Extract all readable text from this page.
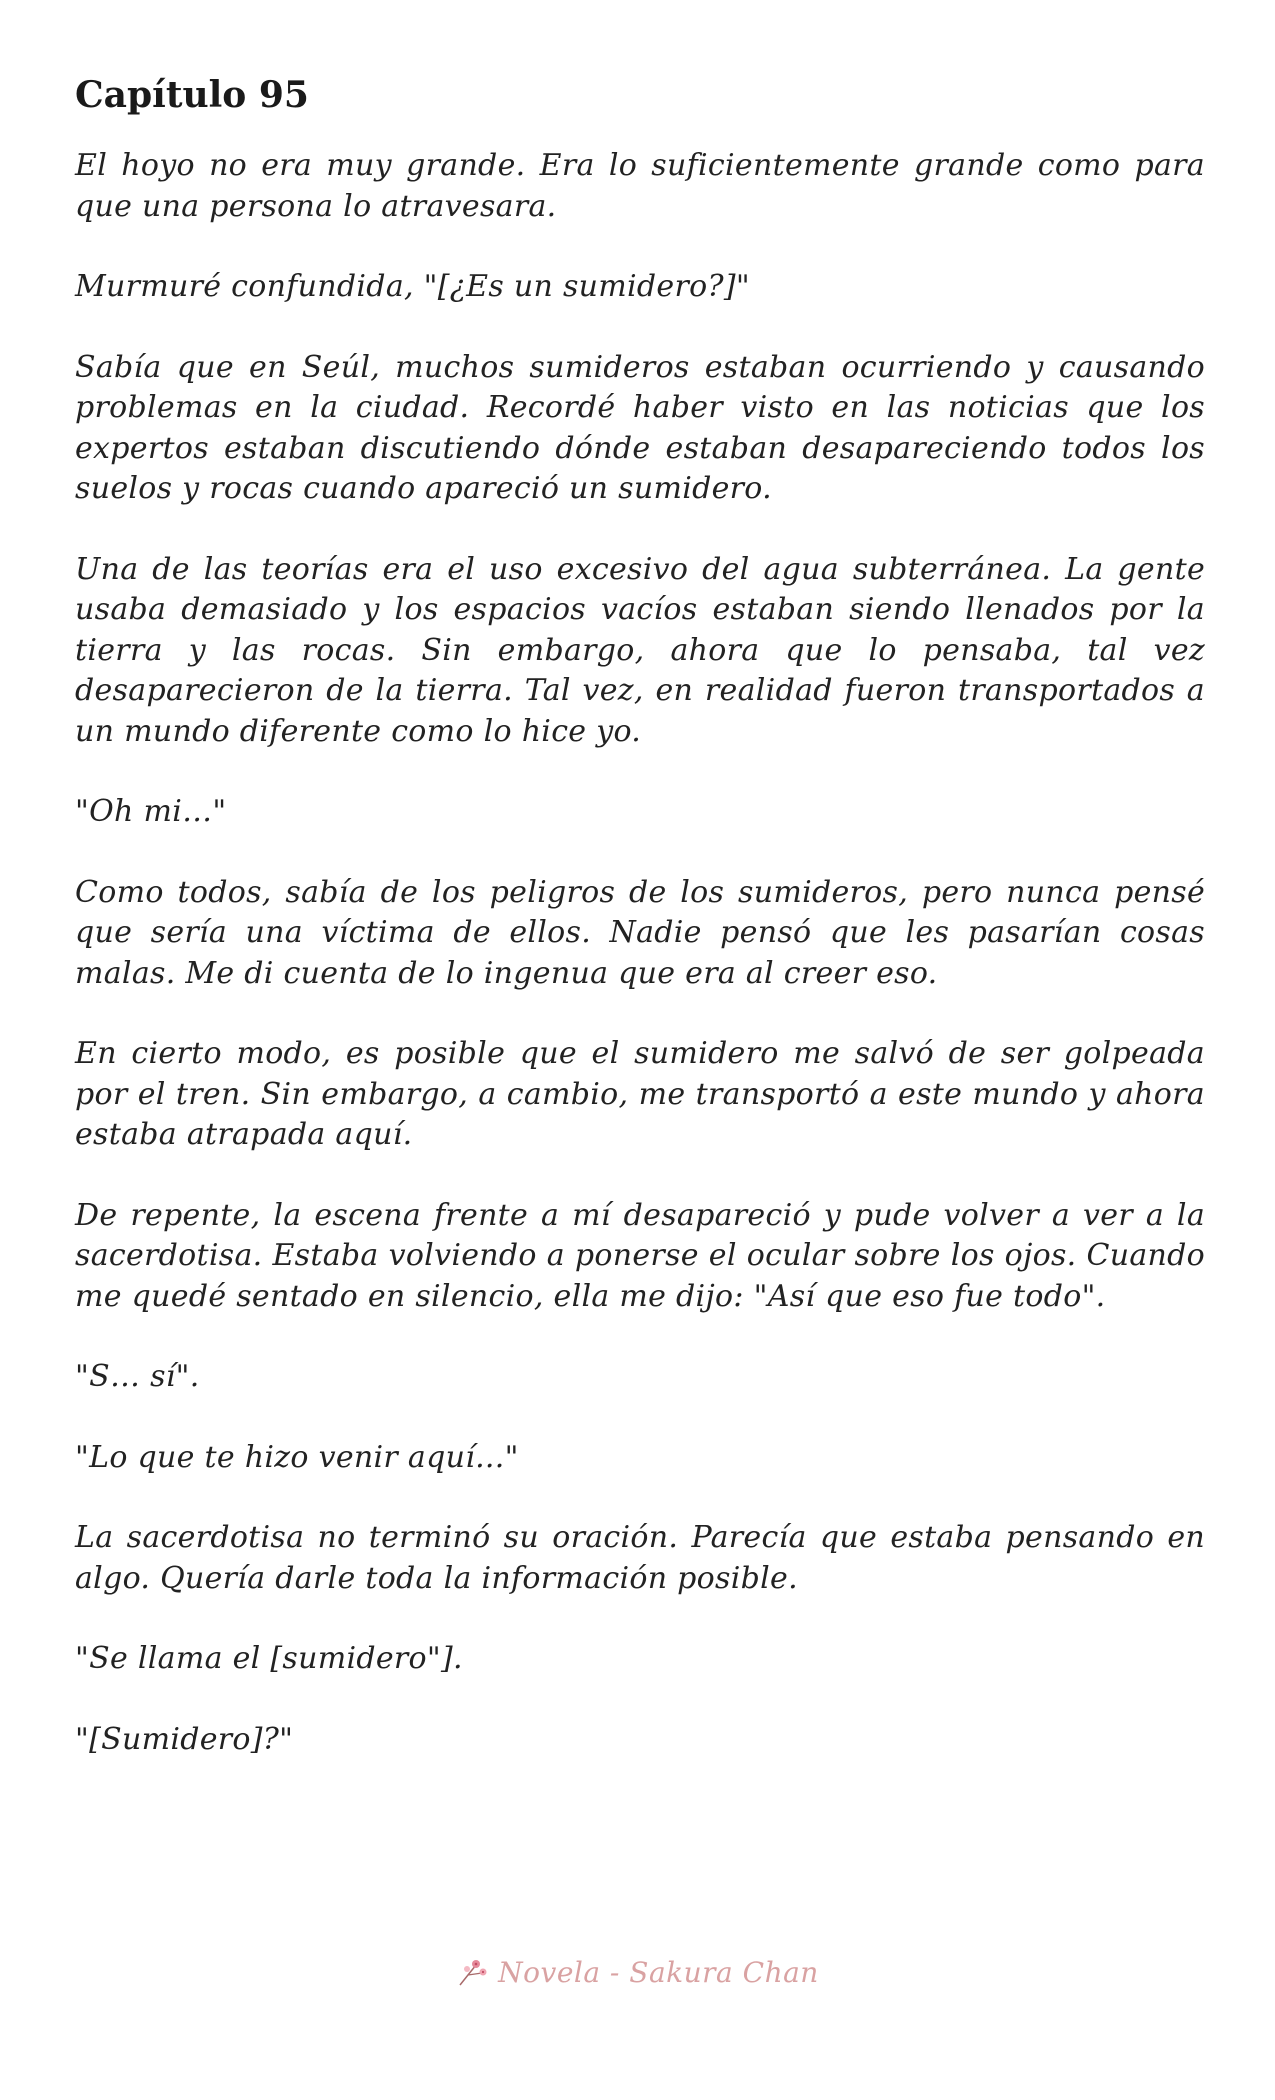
Capítulo 95

El hoyo no era muy grande. Era lo suficientemente grande como para que una persona lo atravesara.

Murmuré confundida, "[¿Es un sumidero?]"

Sabía que en Seúl, muchos sumideros estaban ocurriendo y causando problemas en la ciudad. Recordé haber visto en las noticias que los expertos estaban discutiendo dónde estaban desapareciendo todos los suelos y rocas cuando apareció un sumidero.

Una de las teorías era el uso excesivo del agua subterránea. La gente usaba demasiado y los espacios vacíos estaban siendo llenados por la tierra y las rocas. Sin embargo, ahora que lo pensaba, tal vez desaparecieron de la tierra. Tal vez, en realidad fueron transportados a un mundo diferente como lo hice yo.

"Oh mi…"

Como todos, sabía de los peligros de los sumideros, pero nunca pensé que sería una víctima de ellos. Nadie pensó que les pasarían cosas malas. Me di cuenta de lo ingenua que era al creer eso.

En cierto modo, es posible que el sumidero me salvó de ser golpeada por el tren. Sin embargo, a cambio, me transportó a este mundo y ahora estaba atrapada aquí.

De repente, la escena frente a mí desapareció y pude volver a ver a la sacerdotisa. Estaba volviendo a ponerse el ocular sobre los ojos. Cuando me quedé sentado en silencio, ella me dijo: "Así que eso fue todo".

"S… sí".

"Lo que te hizo venir aquí..."

La sacerdotisa no terminó su oración. Parecía que estaba pensando en algo. Quería darle toda la información posible.

"Se llama el [sumidero"].

"[Sumidero]?"

Novela - Sakura Chan
